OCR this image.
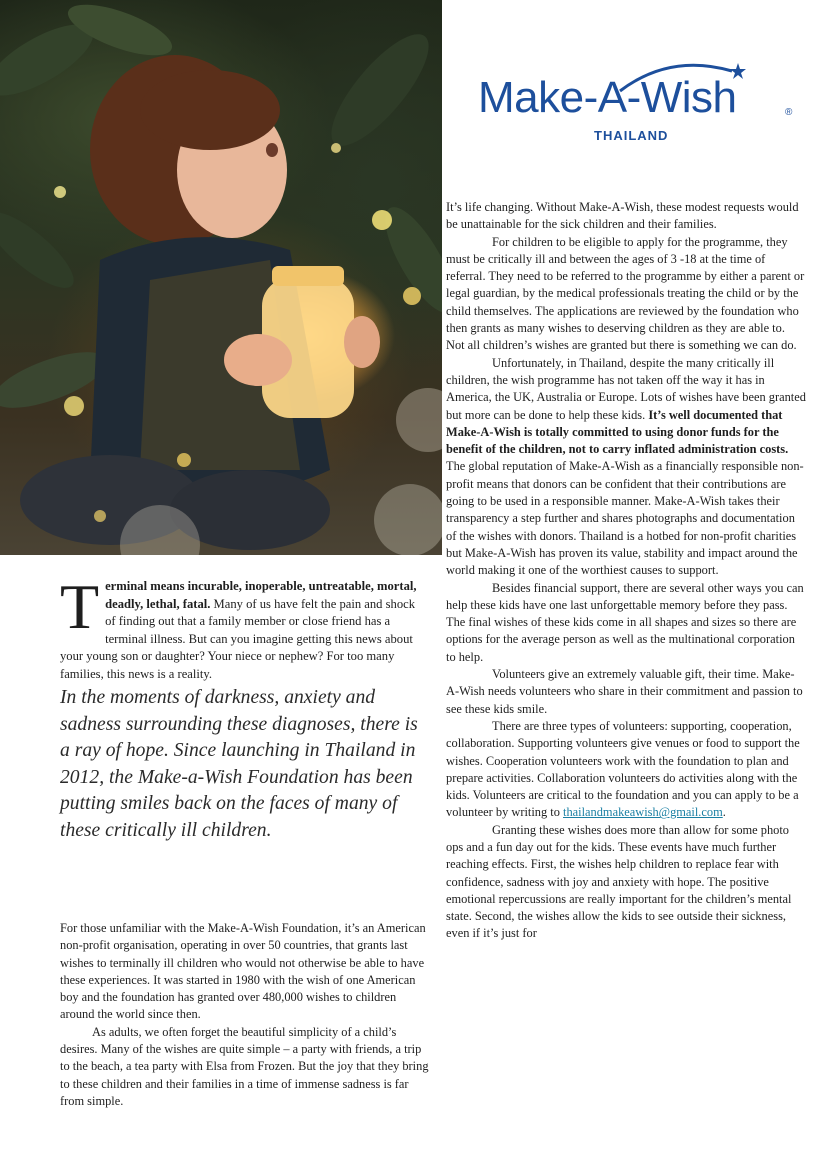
Make-A-Wish	®
THAILAND

It’s life changing. Without Make-A-Wish, these modest requests would be unattainable for the sick children and their families.

For children to be eligible to apply for the programme, they must be critically ill and between the ages of 3 -18 at the time of referral. They need to be referred to the programme by either a parent or legal guardian, by the medical professionals treating the child or by the child themselves. The applications are reviewed by the foundation who then grants as many wishes to deserving children as they are able to. Not all children’s wishes are granted but there is something we can do.

Unfortunately, in Thailand, despite the many critically ill children, the wish programme has not taken off the way it has in America, the UK, Australia or Europe. Lots of wishes have been granted but more can be done to help these kids. It’s well documented that Make-A-Wish is totally committed to using donor funds for the benefit of the children, not to carry inflated administration costs.

The global reputation of Make-A-Wish as a financially responsible non-profit means that donors can be confident that their contributions are going to be used in a responsible manner. Make-A-Wish takes their transparency a step further and shares photographs and documentation of the wishes with donors. Thailand is a hotbed for non-profit charities but Make-A-Wish has proven its value, stability and impact around the world making it one of the worthiest causes to support.

Besides financial support, there are several other ways you can help these kids have one last unforgettable memory before they pass. The final wishes of these kids come in all shapes and sizes so there are options for the average person as well as the multinational corporation to help.

Volunteers give an extremely valuable gift, their time. Make-A-Wish needs volunteers who share in their commitment and passion to see these kids smile.

There are three types of volunteers: supporting, cooperation, collaboration. Supporting volunteers give venues or food to support the wishes. Cooperation volunteers work with the foundation to plan and prepare activities. Collaboration volunteers do activities along with the kids. Volunteers are critical to the foundation and you can apply to be a volunteer by writing to thailandmakeawish@gmail.com.

Granting these wishes does more than allow for some photo ops and a fun day out for the kids. These events have much further reaching effects. First, the wishes help children to replace fear with confidence, sadness with joy and anxiety with hope. The positive emotional repercussions are really important for the children’s mental state. Second, the wishes allow the kids to see outside their sickness, even if it’s just for

Terminal means incurable, inoperable, untreatable, mortal, deadly, lethal, fatal. Many of us have felt the pain and shock of finding out that a family member or close friend has a terminal illness. But can you imagine getting this news about your young son or daughter? Your niece or nephew? For too many families, this news is a reality.

In the moments of darkness, anxiety and sadness surrounding these diagnoses, there is a ray of hope. Since launching in Thailand in 2012, the Make-a-Wish Foundation has been putting smiles back on the faces of many of these critically ill children.

For those unfamiliar with the Make-A-Wish Foundation, it’s an American non-profit organisation, operating in over 50 countries, that grants last wishes to terminally ill children who would not otherwise be able to have these experiences. It was started in 1980 with the wish of one American boy and the foundation has granted over 480,000 wishes to children around the world since then.

As adults, we often forget the beautiful simplicity of a child’s desires. Many of the wishes are quite simple – a party with friends, a trip to the beach, a tea party with Elsa from Frozen. But the joy that they bring to these children and their families in a time of immense sadness is far from simple.
